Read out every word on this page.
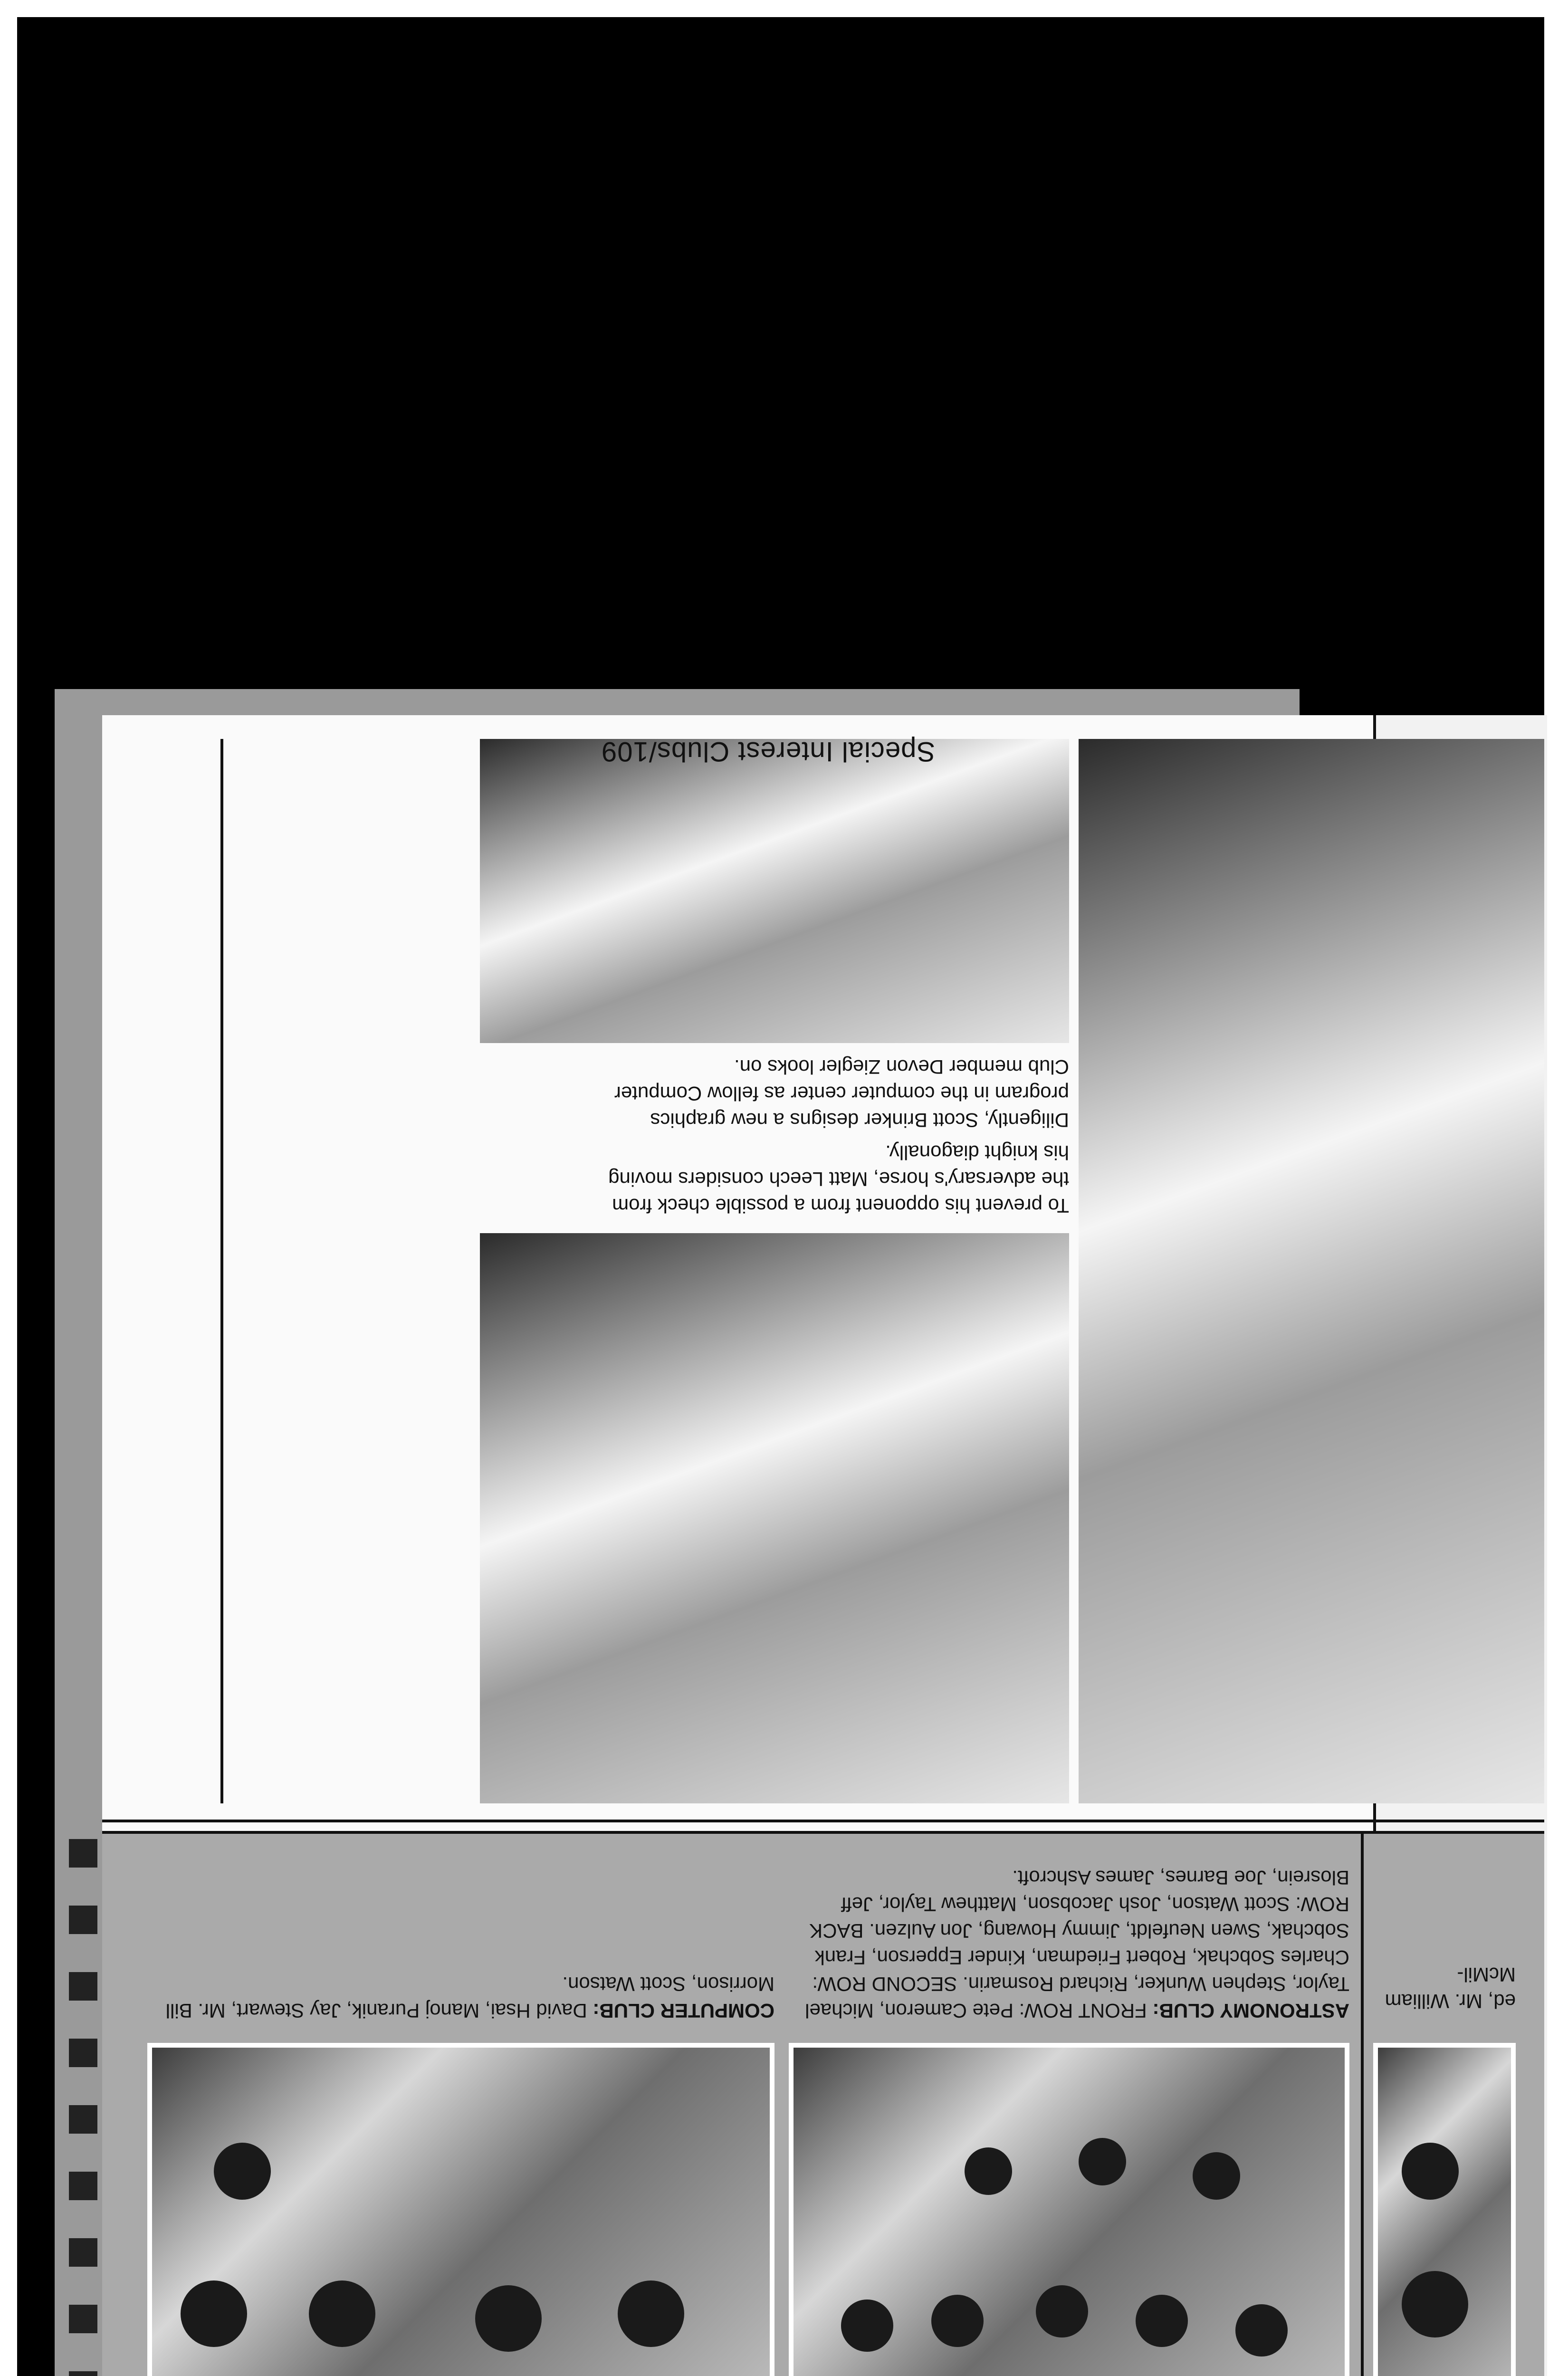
ed, Mr. William McMil-
ASTRONOMY CLUB: FRONT ROW: Pete Cameron, Michael Taylor, Stephen Wunker, Richard Rosmarin. SECOND ROW: Charles Sobchak, Robert Friedman, Kinder Epperson, Frank Sobchak, Swen Neufeldt, Jimmy Howang, Jon Aulzen. BACK ROW: Scott Watson, Josh Jacobson, Matthew Taylor, Jeff Blosrein, Joe Barnes, James Ashcroft.
COMPUTER CLUB: David Hsai, Manoj Puranik, Jay Stewart, Mr. Bill Morrison, Scott Watson.
To prevent his opponent from a possible check from the adversary's horse, Matt Leech considers moving his knight diagonally.
Diligently, Scott Brinker designs a new graphics program in the computer center as fellow Computer Club member Devon Ziegler looks on.
Special Interest Clubs/109
